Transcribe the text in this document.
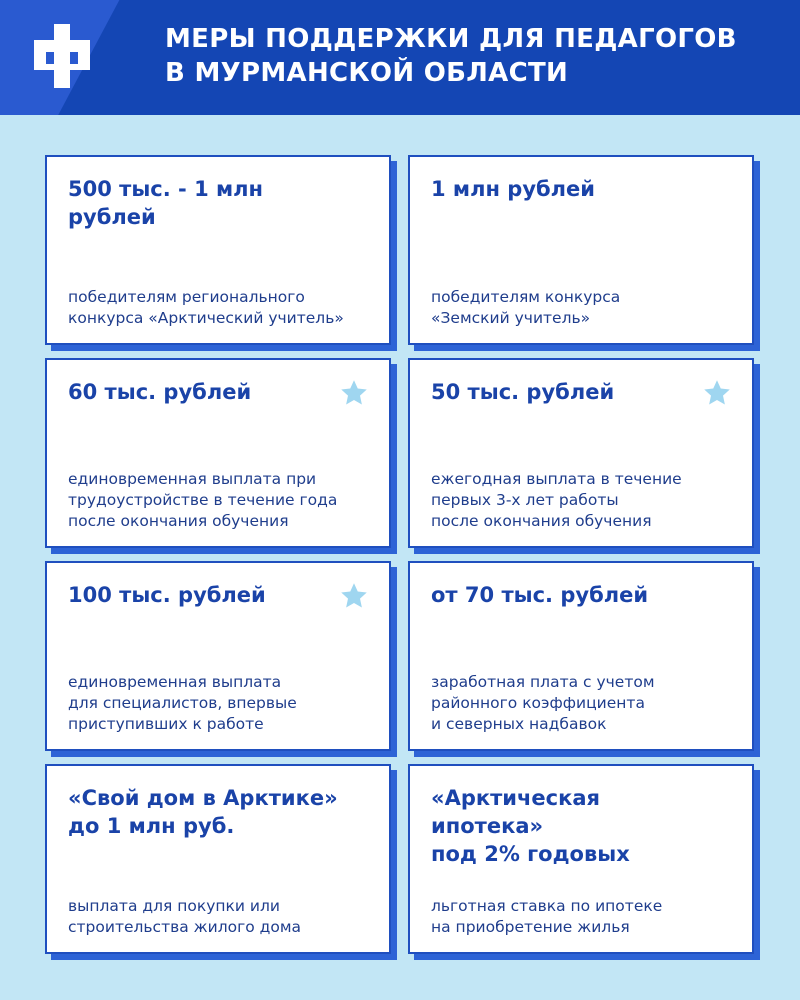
МЕРЫ ПОДДЕРЖКИ ДЛЯ ПЕДАГОГОВ
В МУРМАНСКОЙ ОБЛАСТИ
500 тыс. - 1 млн рублей
победителям регионального
конкурса «Арктический учитель»
1 млн рублей
победителям конкурса
«Земский учитель»
60 тыс. рублей
единовременная выплата при
трудоустройстве в течение года
после окончания обучения
50 тыс. рублей
ежегодная выплата в течение
первых 3-х лет работы
после окончания обучения
100 тыс. рублей
единовременная выплата
для специалистов, впервые
приступивших к работе
от 70 тыс. рублей
заработная плата с учетом
районного коэффициента
и северных надбавок
«Свой дом в Арктике»
до 1 млн руб.
выплата для покупки или
строительства жилого дома
«Арктическая ипотека»
под 2% годовых
льготная ставка по ипотеке
на приобретение жилья
